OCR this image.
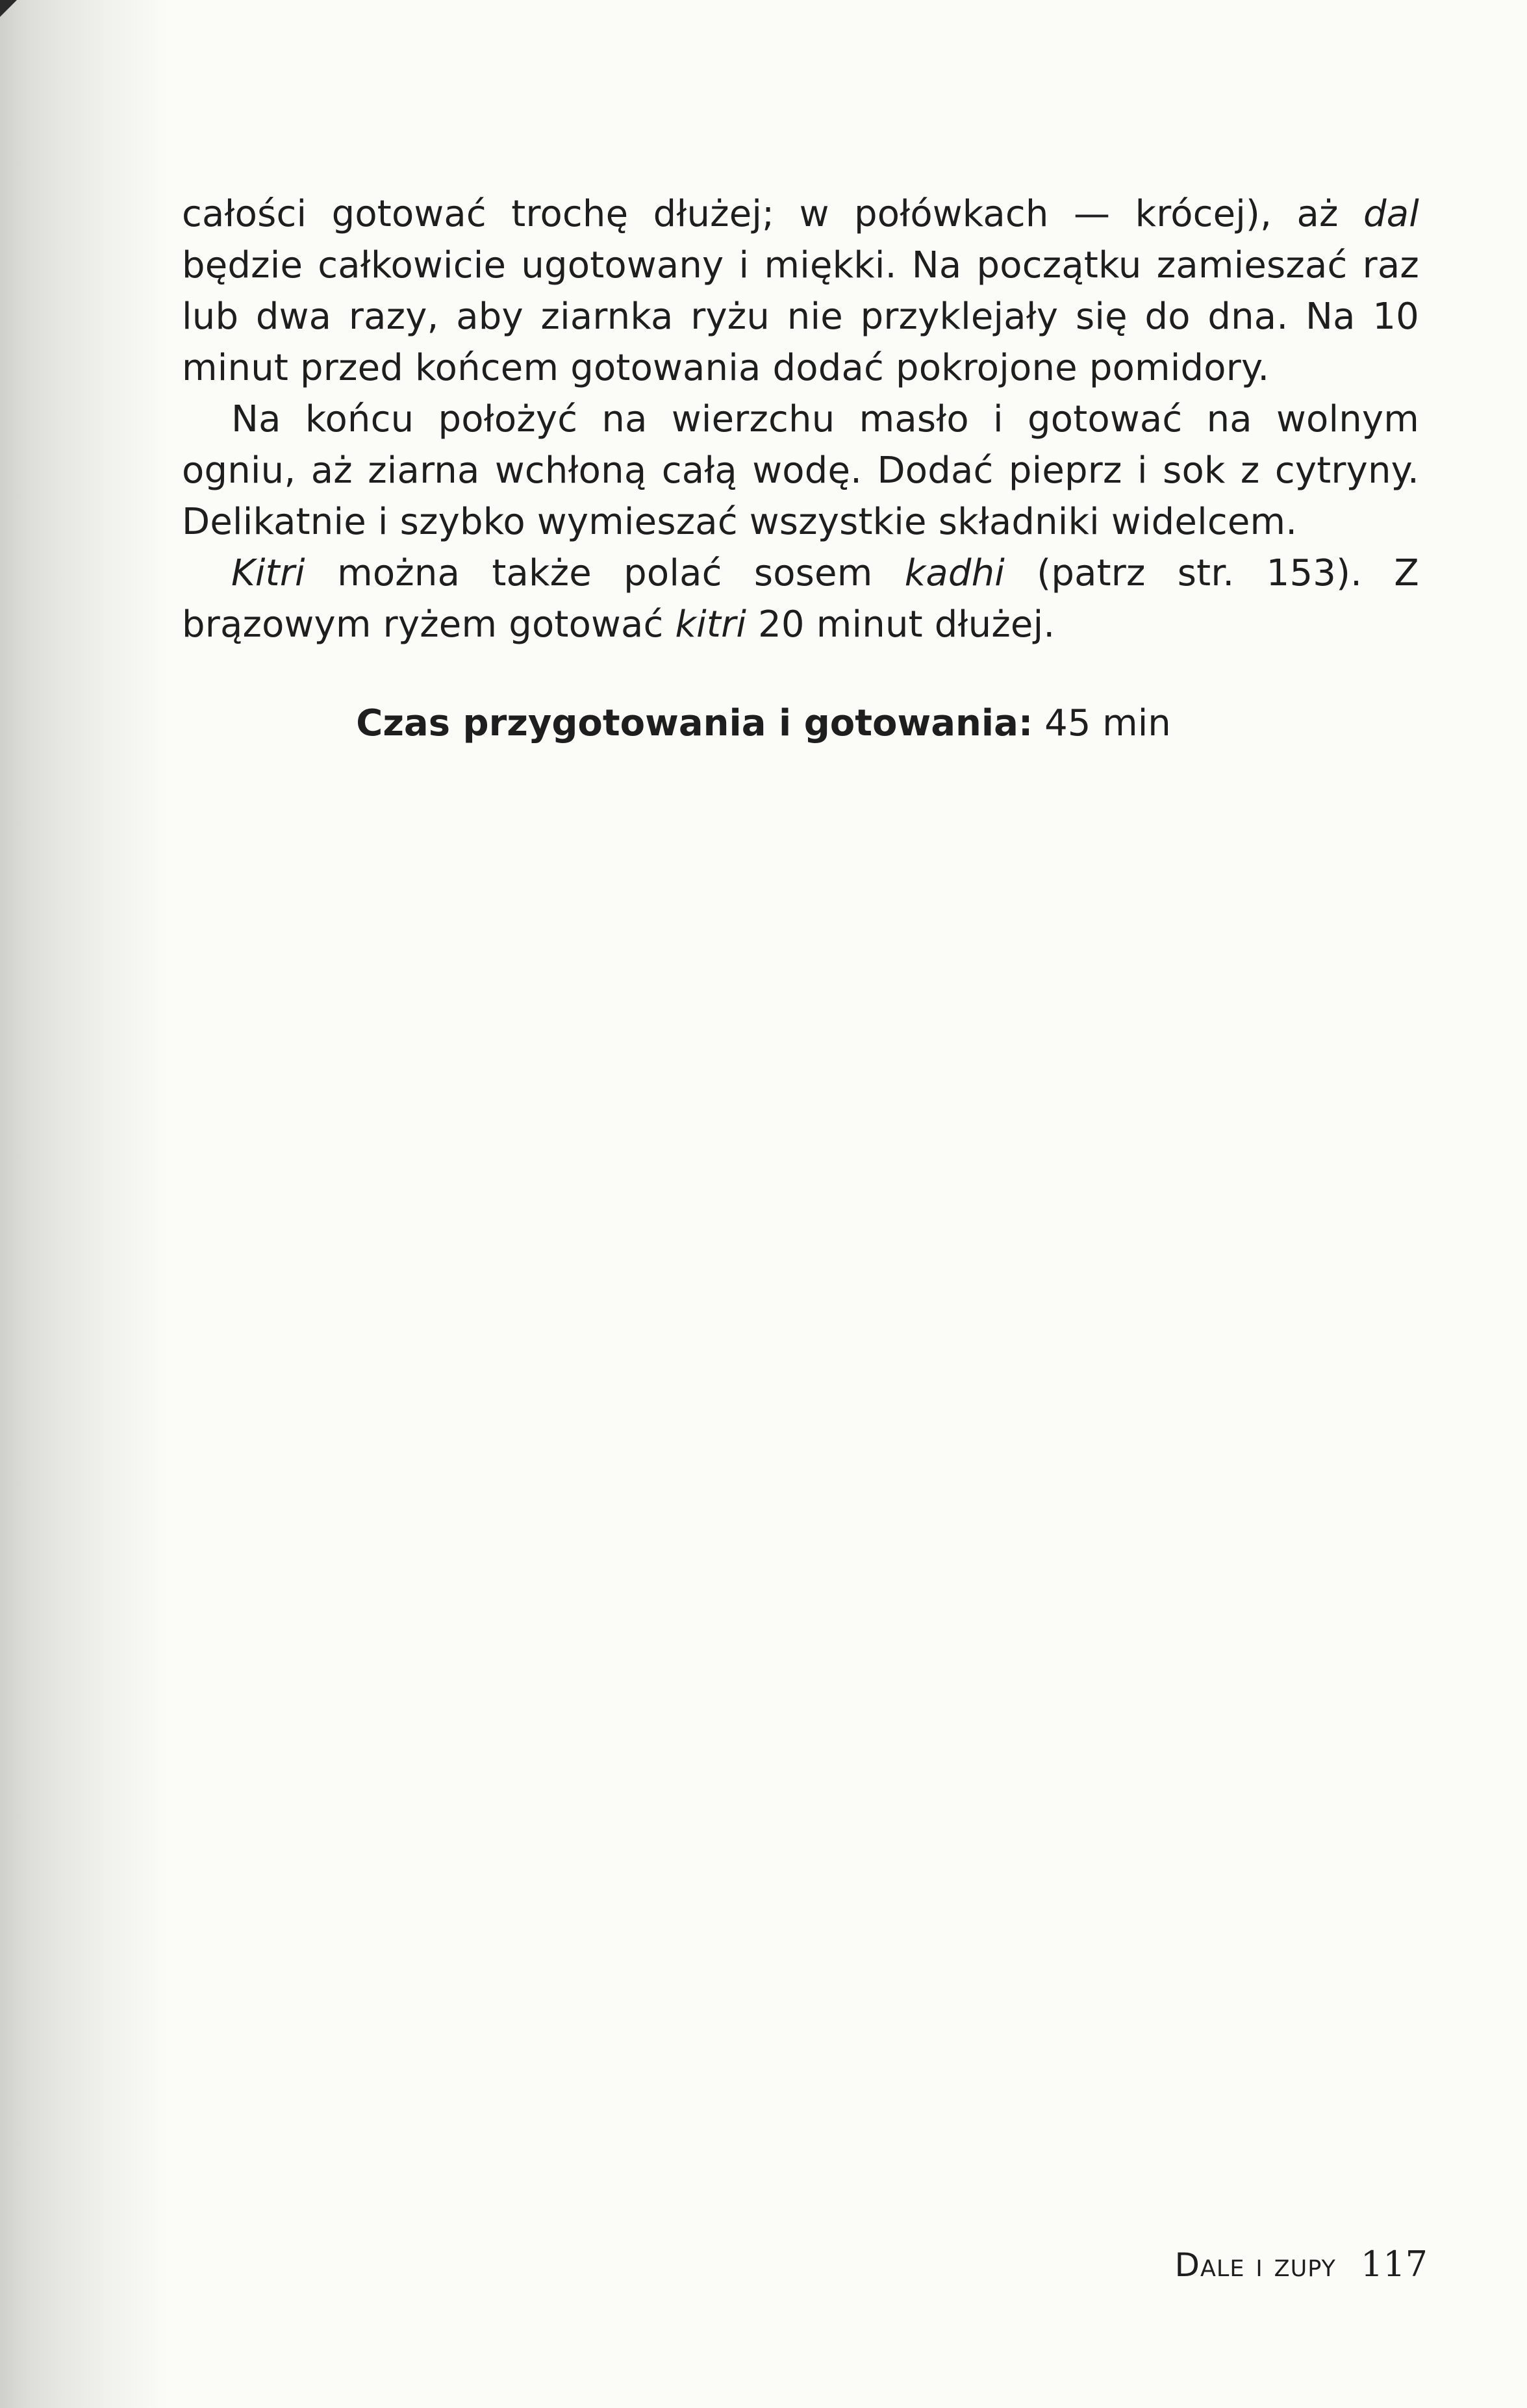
całości gotować trochę dłużej; w połówkach — krócej), aż dal będzie całkowicie ugotowany i miękki. Na początku zamieszać raz lub dwa razy, aby ziarnka ryżu nie przyklejały się do dna. Na 10 minut przed końcem gotowania dodać pokrojone pomidory.

Na końcu położyć na wierzchu masło i gotować na wolnym ogniu, aż ziarna wchłoną całą wodę. Dodać pieprz i sok z cytryny. Delikatnie i szybko wymieszać wszystkie składniki widelcem.

Kitri można także polać sosem kadhi (patrz str. 153). Z brązowym ryżem gotować kitri 20 minut dłużej.

Czas przygotowania i gotowania: 45 min
Dale i zupy 117
